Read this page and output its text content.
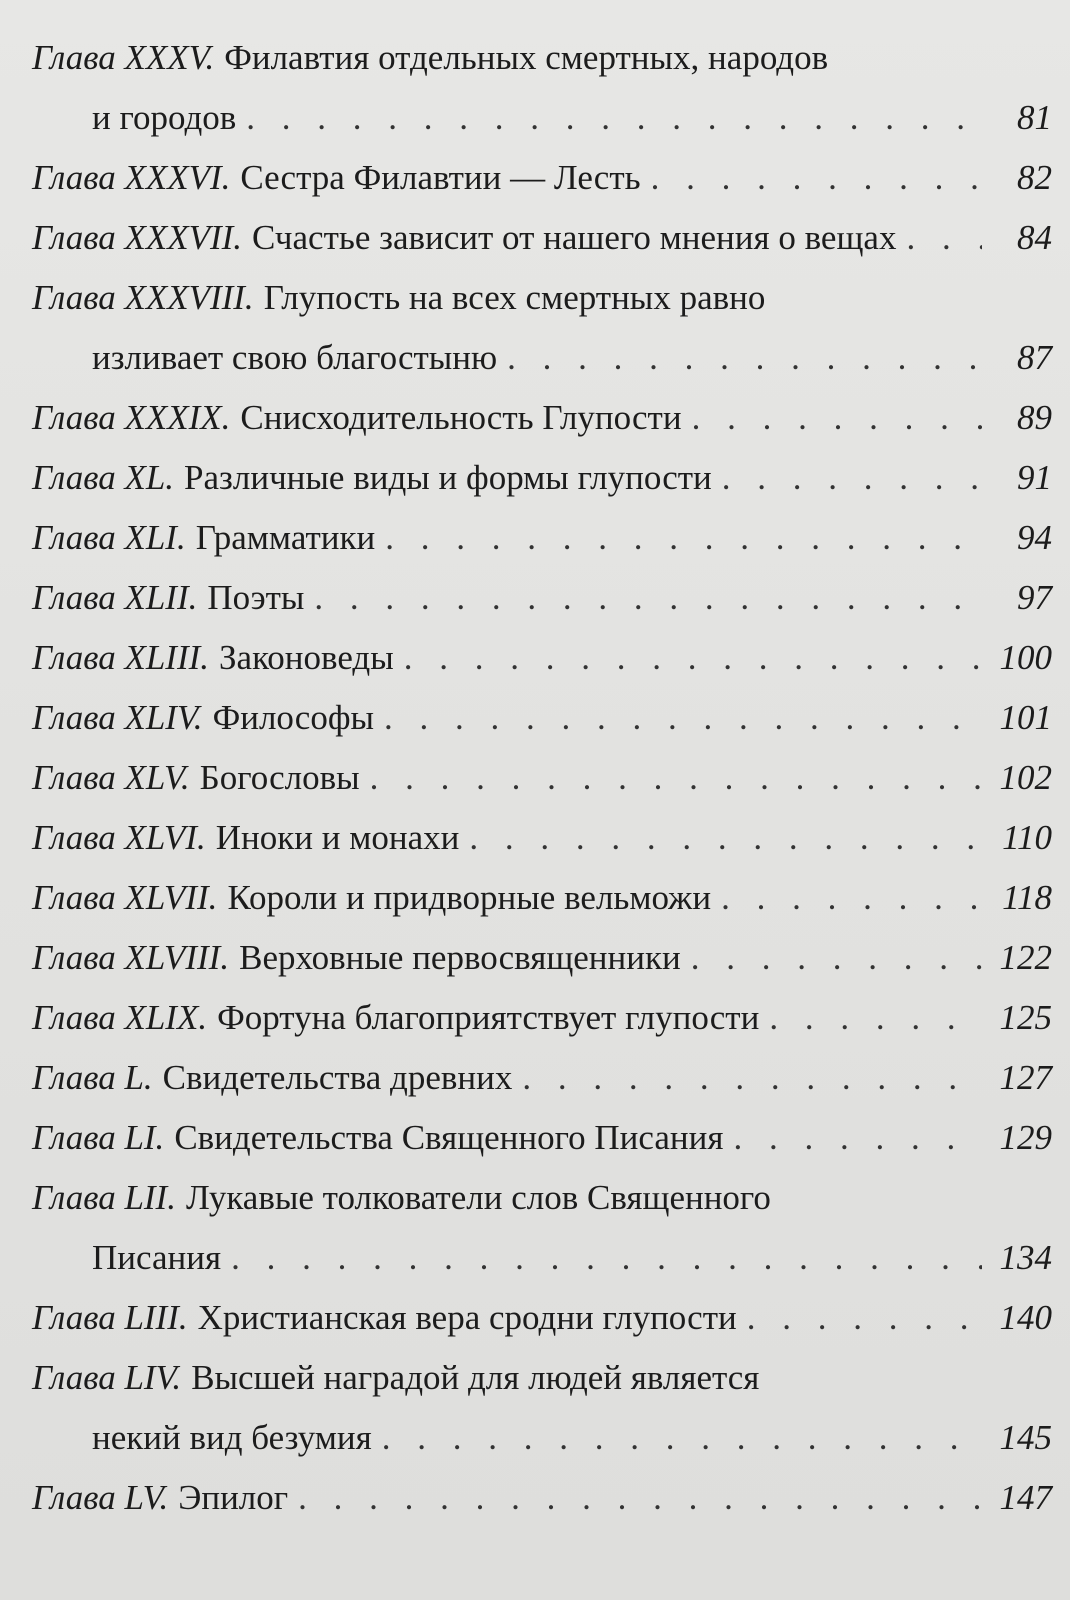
Глава XXXV. Филавтия отдельных смертных, народов
и городов . . .	81
Глава XXXVI. Сестра Филавтии — Лесть . . .	82
Глава XXXVII. Счастье зависит от нашего мнения о вещах . . .	84
Глава XXXVIII. Глупость на всех смертных равно
изливает свою благостыню . . .	87
Глава XXXIX. Снисходительность Глупости . . .	89
Глава XL. Различные виды и формы глупости . . .	91
Глава XLI. Грамматики . . .	94
Глава XLII. Поэты . . .	97
Глава XLIII. Законоведы . . .	100
Глава XLIV. Философы . . .	101
Глава XLV. Богословы . . .	102
Глава XLVI. Иноки и монахи . . .	110
Глава XLVII. Короли и придворные вельможи . . .	118
Глава XLVIII. Верховные первосвященники . . .	122
Глава XLIX. Фортуна благоприятствует глупости . . .	125
Глава L. Свидетельства древних . . .	127
Глава LI. Свидетельства Священного Писания . . .	129
Глава LII. Лукавые толкователи слов Священного
Писания . . .	134
Глава LIII. Христианская вера сродни глупости . . .	140
Глава LIV. Высшей наградой для людей является
некий вид безумия . . .	145
Глава LV. Эпилог . . .	147
